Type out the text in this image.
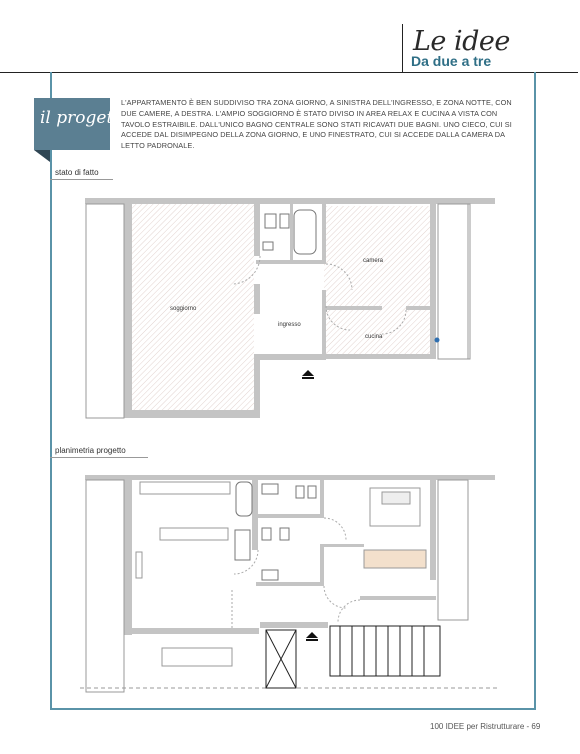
Le idee
Da due a tre
il progetto
L'APPARTAMENTO È BEN SUDDIVISO TRA ZONA GIORNO, A SINISTRA DELL'INGRESSO, E ZONA NOTTE, CON DUE CAMERE, A DESTRA. L'AMPIO SOGGIORNO È STATO DIVISO IN AREA RELAX E CUCINA A VISTA CON TAVOLO ESTRAIBILE. DALL'UNICO BAGNO CENTRALE SONO STATI RICAVATI DUE BAGNI. UNO CIECO, CUI SI ACCEDE DAL DISIMPEGNO DELLA ZONA GIORNO, E UNO FINESTRATO, CUI SI ACCEDE DALLA CAMERA DA LETTO PADRONALE.
stato di fatto
soggiorno
camera
ingresso
cucina
planimetria progetto
100 IDEE per Ristrutturare - 69
